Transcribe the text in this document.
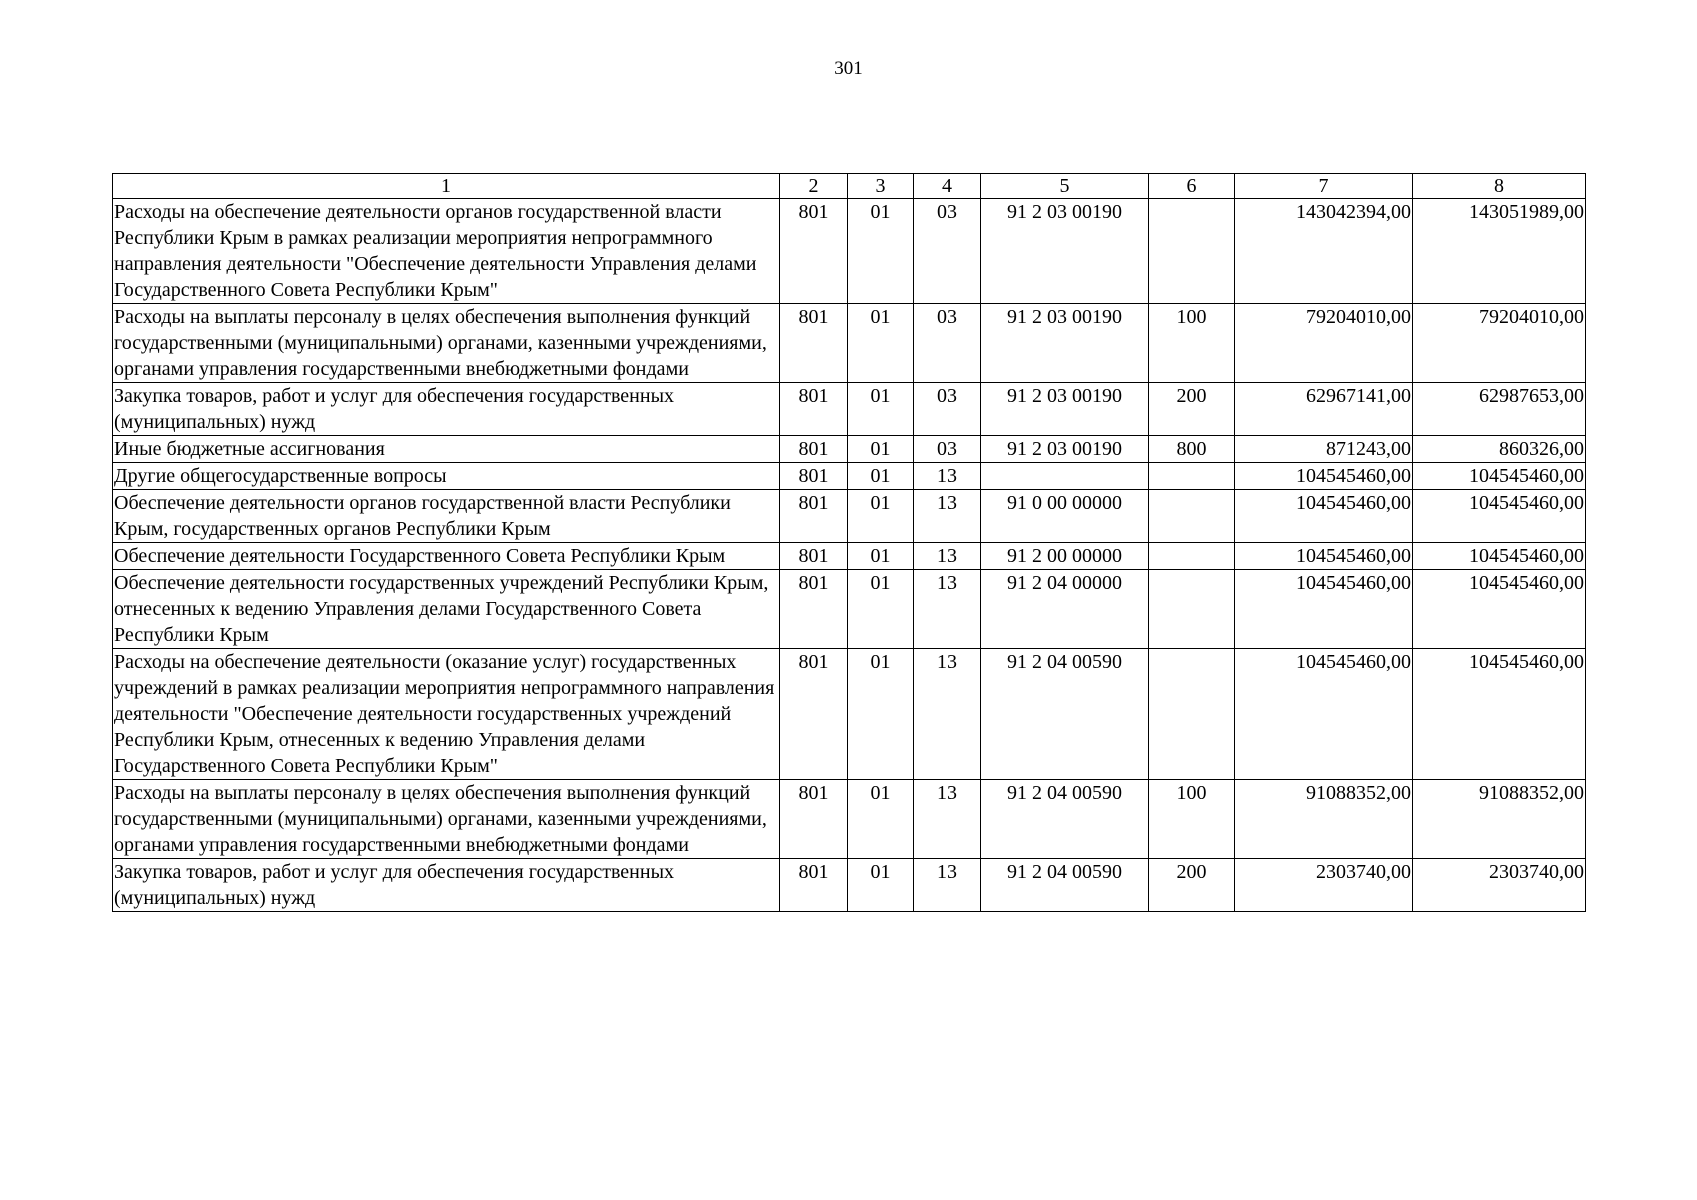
301
1	2	3	4	5	6	7	8
Расходы на обеспечение деятельности органов государственной власти Республики Крым в рамках реализации мероприятия непрограммного направления деятельности "Обеспечение деятельности Управления делами Государственного Совета Республики Крым"	801	01	03	91 2 03 00190		143042394,00	143051989,00
Расходы на выплаты персоналу в целях обеспечения выполнения функций государственными (муниципальными) органами, казенными учреждениями, органами управления государственными внебюджетными фондами	801	01	03	91 2 03 00190	100	79204010,00	79204010,00
Закупка товаров, работ и услуг для обеспечения государственных (муниципальных) нужд	801	01	03	91 2 03 00190	200	62967141,00	62987653,00
Иные бюджетные ассигнования	801	01	03	91 2 03 00190	800	871243,00	860326,00
Другие общегосударственные вопросы	801	01	13			104545460,00	104545460,00
Обеспечение деятельности органов государственной власти Республики Крым, государственных органов Республики Крым	801	01	13	91 0 00 00000		104545460,00	104545460,00
Обеспечение деятельности Государственного Совета Республики Крым	801	01	13	91 2 00 00000		104545460,00	104545460,00
Обеспечение деятельности государственных учреждений Республики Крым, отнесенных к ведению Управления делами Государственного Совета Республики Крым	801	01	13	91 2 04 00000		104545460,00	104545460,00
Расходы на обеспечение деятельности (оказание услуг) государственных учреждений в рамках реализации мероприятия непрограммного направления деятельности "Обеспечение деятельности государственных учреждений Республики Крым, отнесенных к ведению Управления делами Государственного Совета Республики Крым"	801	01	13	91 2 04 00590		104545460,00	104545460,00
Расходы на выплаты персоналу в целях обеспечения выполнения функций государственными (муниципальными) органами, казенными учреждениями, органами управления государственными внебюджетными фондами	801	01	13	91 2 04 00590	100	91088352,00	91088352,00
Закупка товаров, работ и услуг для обеспечения государственных (муниципальных) нужд	801	01	13	91 2 04 00590	200	2303740,00	2303740,00
